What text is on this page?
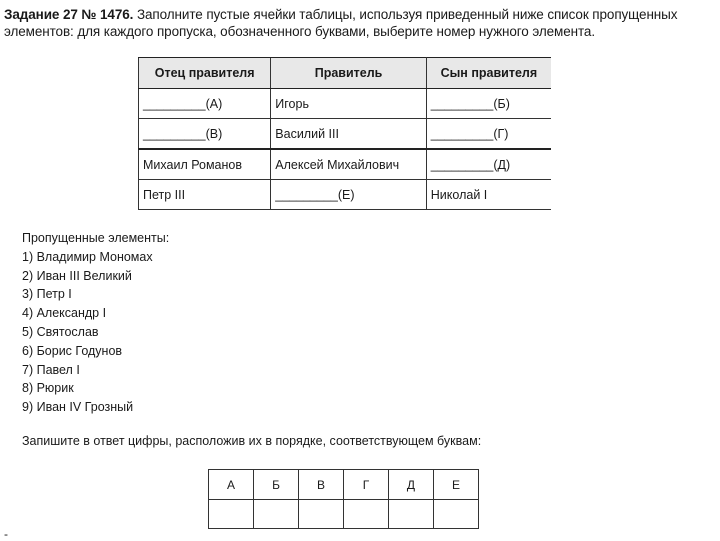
Задание 27 № 1476. Заполните пустые ячейки таблицы, используя приведенный ниже список пропущенных элементов: для каждого пропуска, обозначенного буквами, выберите номер нужного элемента.
Отец правителя	Правитель	Сын правителя
_________(А)	Игорь	_________(Б)
_________(В)	Василий III	_________(Г)
Михаил Романов	Алексей Михайлович	_________(Д)
Петр III	_________(Е)	Николай I
Пропущенные элементы:
1) Владимир Мономах
2) Иван III Великий
3) Петр I
4) Александр I
5) Святослав
6) Борис Годунов
7) Павел I
8) Рюрик
9) Иван IV Грозный
Запишите в ответ цифры, расположив их в порядке, соответствующем буквам:
А	Б	В	Г	Д	Е

-
